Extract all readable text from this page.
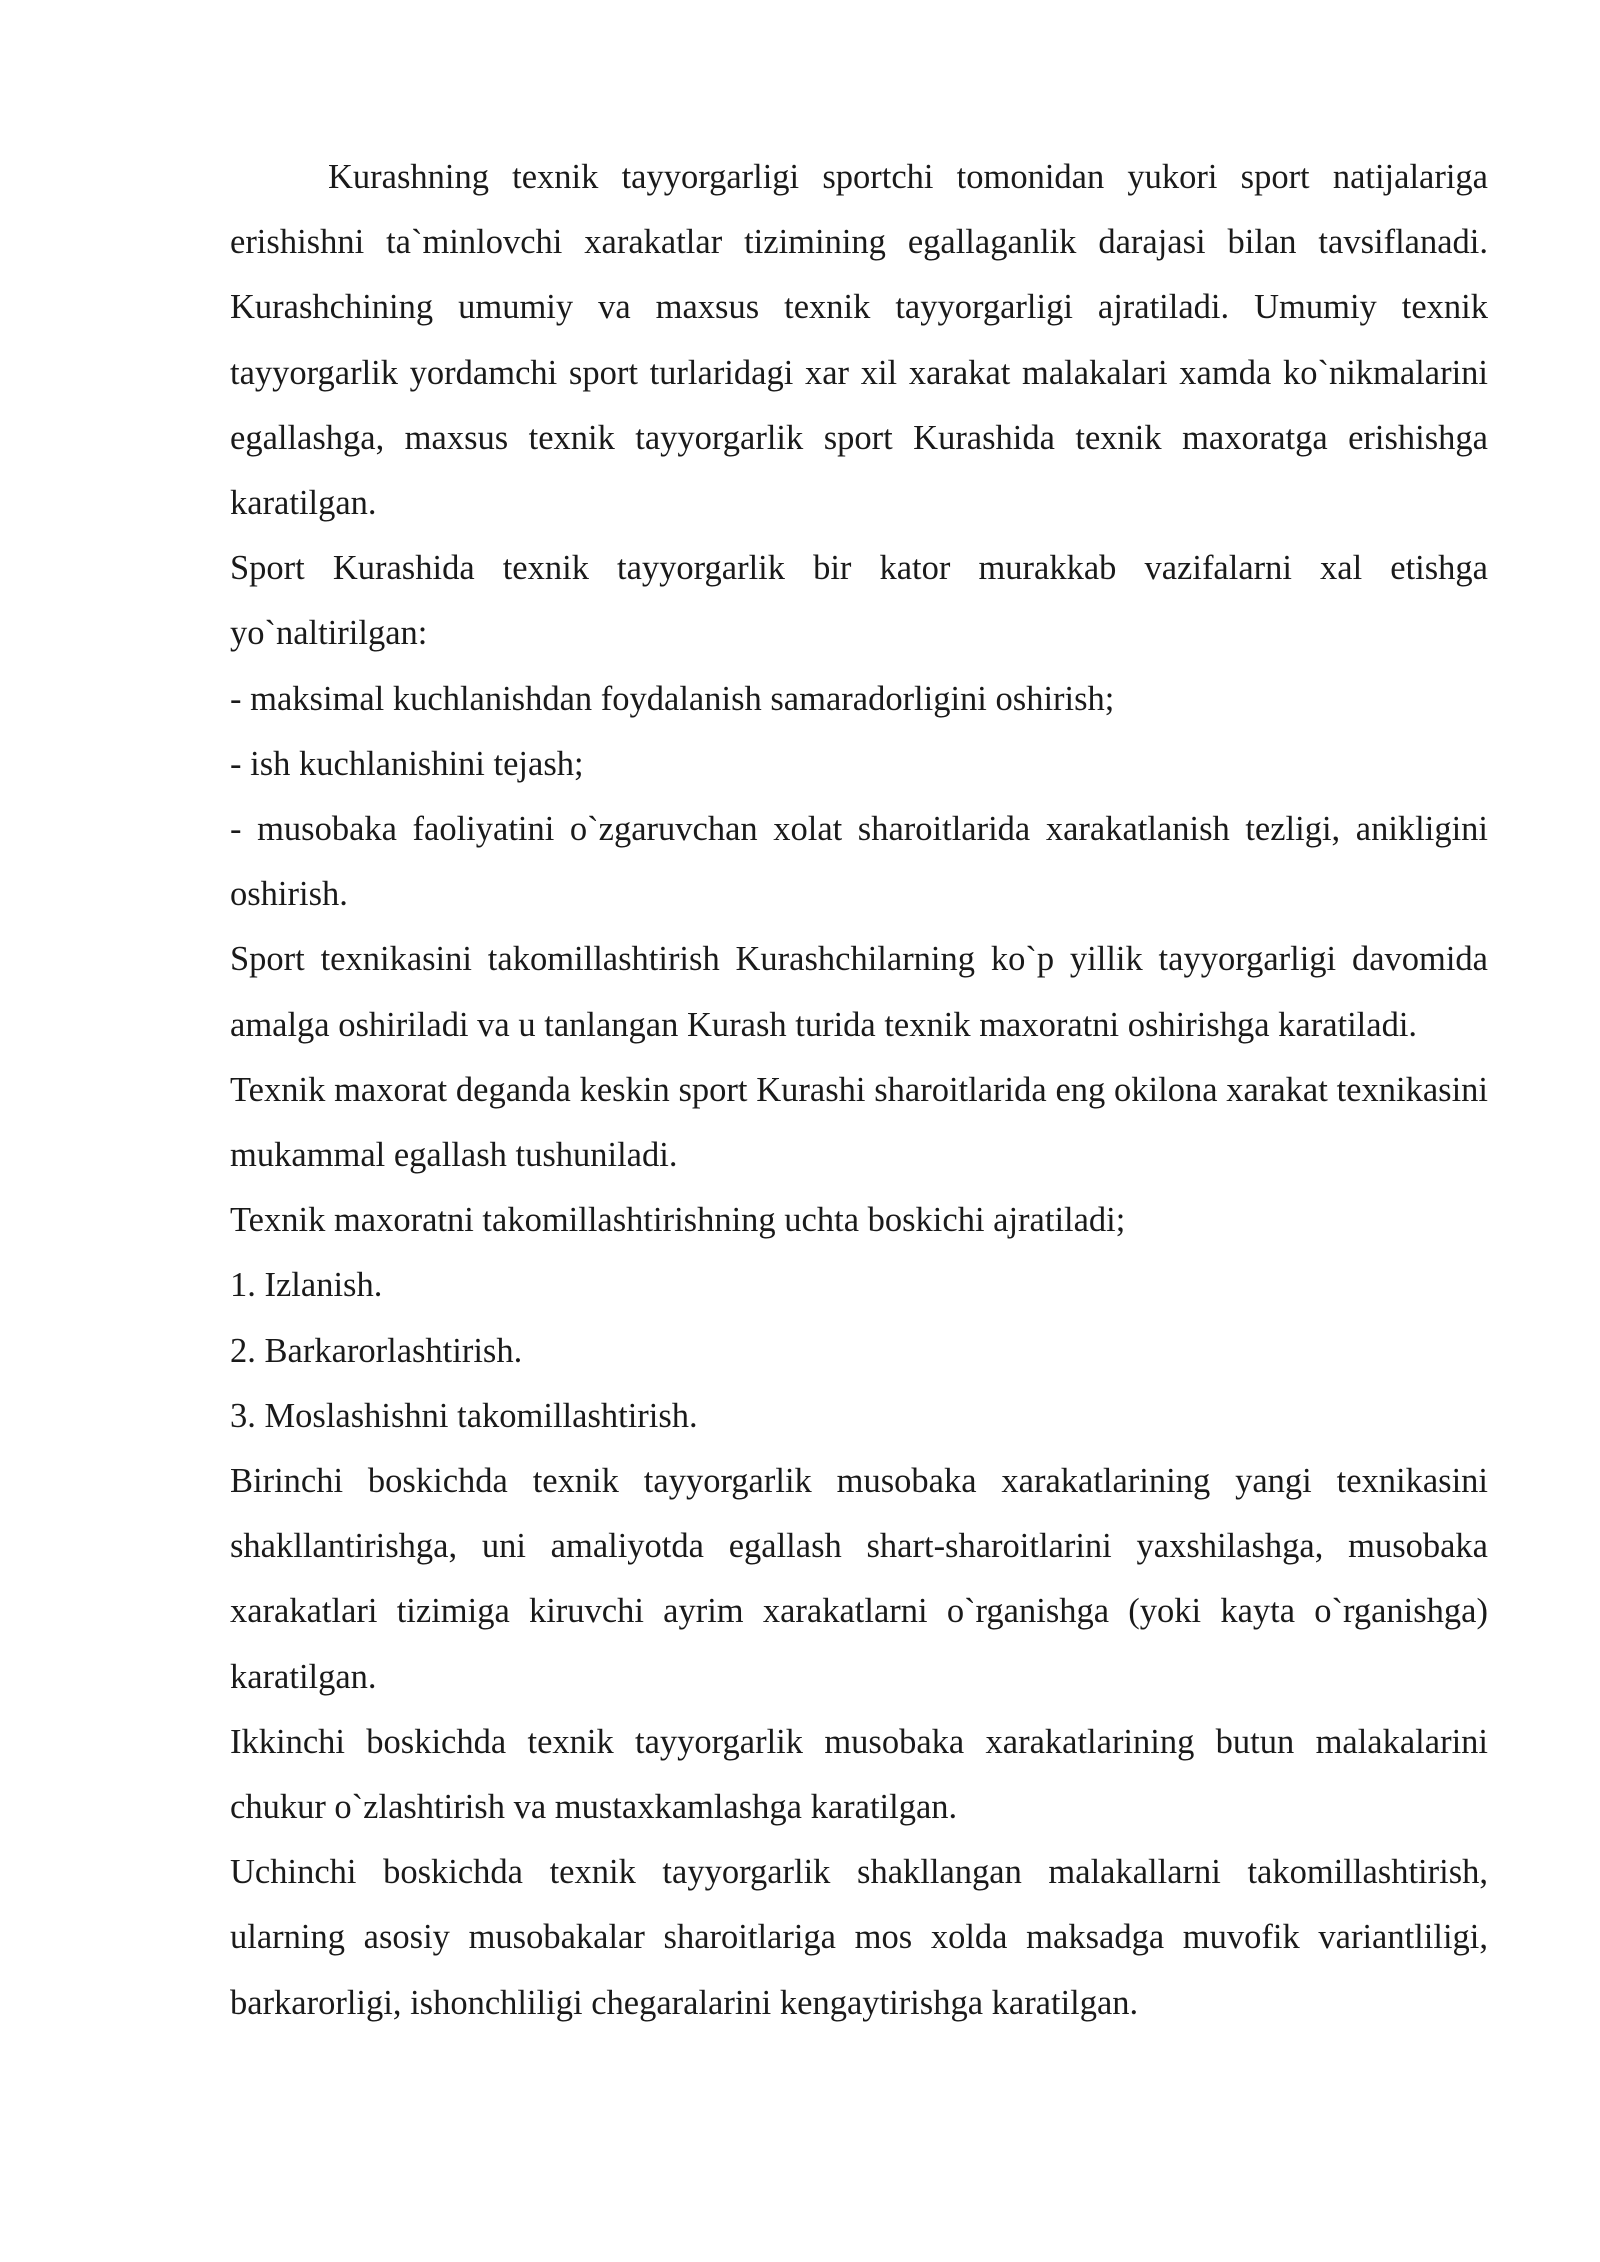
Kurashning texnik tayyorgarligi sportchi tomonidan yukori sport natijalariga erishishni ta`minlovchi xarakatlar tizimining egallaganlik darajasi bilan tavsiflanadi. Kurashchining umumiy va maxsus texnik tayyorgarligi ajratiladi. Umumiy texnik tayyorgarlik yordamchi sport turlaridagi xar xil xarakat malakalari xamda ko`nikmalarini egallashga, maxsus texnik tayyorgarlik sport Kurashida texnik maxoratga erishishga karatilgan.

Sport Kurashida texnik tayyorgarlik bir kator murakkab vazifalarni xal etishga yo`naltirilgan:

- maksimal kuchlanishdan foydalanish samaradorligini oshirish;

- ish kuchlanishini tejash;

- musobaka faoliyatini o`zgaruvchan xolat sharoitlarida xarakatlanish tezligi, anikligini oshirish.

Sport texnikasini takomillashtirish Kurashchilarning ko`p yillik tayyorgarligi davomida amalga oshiriladi va u tanlangan Kurash turida texnik maxoratni oshirishga karatiladi.

Texnik maxorat deganda keskin sport Kurashi sharoitlarida eng okilona xarakat texnikasini mukammal egallash tushuniladi.

Texnik maxoratni takomillashtirishning uchta boskichi ajratiladi;

1. Izlanish.

2. Barkarorlashtirish.

3. Moslashishni takomillashtirish.

Birinchi boskichda texnik tayyorgarlik musobaka xarakatlarining yangi texnikasini shakllantirishga, uni amaliyotda egallash shart-sharoitlarini yaxshilashga, musobaka xarakatlari tizimiga kiruvchi ayrim xarakatlarni o`rganishga (yoki kayta o`rganishga) karatilgan.

Ikkinchi boskichda texnik tayyorgarlik musobaka xarakatlarining butun malakalarini chukur o`zlashtirish va mustaxkamlashga karatilgan.

Uchinchi boskichda texnik tayyorgarlik shakllangan malakallarni takomillashtirish, ularning asosiy musobakalar sharoitlariga mos xolda maksadga muvofik variantliligi, barkarorligi, ishonchliligi chegaralarini kengaytirishga karatilgan.
